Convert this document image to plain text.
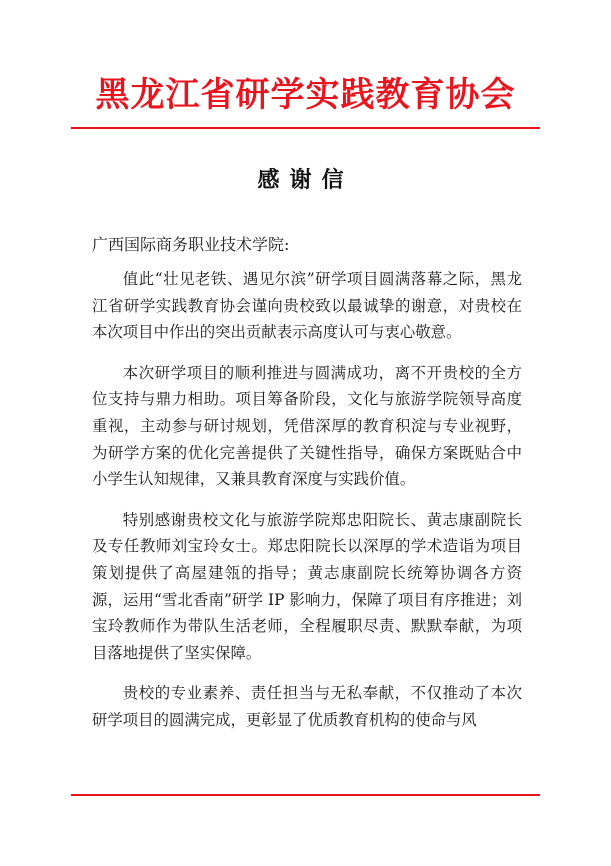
黑龙江省研学实践教育协会
感谢信
广西国际商务职业技术学院:

值此“壮见老铁、遇见尔滨”研学项目圆满落幕之际，黑龙江省研学实践教育协会谨向贵校致以最诚挚的谢意，对贵校在本次项目中作出的突出贡献表示高度认可与衷心敬意。

本次研学项目的顺利推进与圆满成功，离不开贵校的全方位支持与鼎力相助。项目筹备阶段，文化与旅游学院领导高度重视，主动参与研讨规划，凭借深厚的教育积淀与专业视野，为研学方案的优化完善提供了关键性指导，确保方案既贴合中小学生认知规律，又兼具教育深度与实践价值。

特别感谢贵校文化与旅游学院郑忠阳院长、黄志康副院长及专任教师刘宝玲女士。郑忠阳院长以深厚的学术造诣为项目策划提供了高屋建瓴的指导；黄志康副院长统筹协调各方资源，运用“雪北香南”研学 IP 影响力，保障了项目有序推进；刘宝玲教师作为带队生活老师，全程履职尽责、默默奉献，为项目落地提供了坚实保障。

贵校的专业素养、责任担当与无私奉献，不仅推动了本次研学项目的圆满完成，更彰显了优质教育机构的使命与风
